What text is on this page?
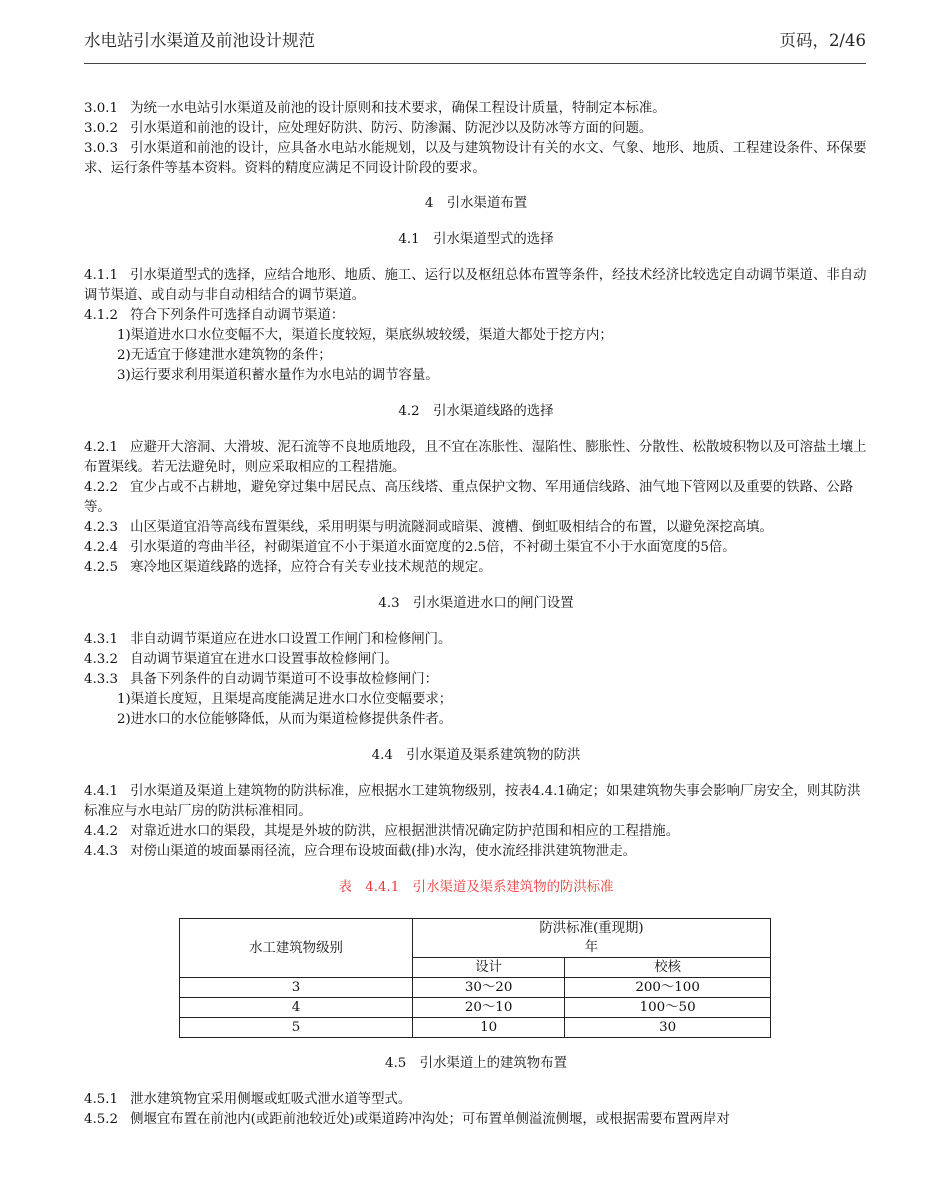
水电站引水渠道及前池设计规范	页码，2/46

3.0.1 为统一水电站引水渠道及前池的设计原则和技术要求，确保工程设计质量，特制定本标准。

3.0.2 引水渠道和前池的设计，应处理好防洪、防污、防渗漏、防泥沙以及防冰等方面的问题。

3.0.3 引水渠道和前池的设计，应具备水电站水能规划，以及与建筑物设计有关的水文、气象、地形、地质、工程建设条件、环保要求、运行条件等基本资料。资料的精度应满足不同设计阶段的要求。

4　引水渠道布置
4.1　引水渠道型式的选择

4.1.1 引水渠道型式的选择，应结合地形、地质、施工、运行以及枢纽总体布置等条件，经技术经济比较选定自动调节渠道、非自动调节渠道、或自动与非自动相结合的调节渠道。

4.1.2 符合下列条件可选择自动调节渠道：

1)渠道进水口水位变幅不大，渠道长度较短，渠底纵坡较缓，渠道大都处于挖方内；

2)无适宜于修建泄水建筑物的条件；

3)运行要求利用渠道积蓄水量作为水电站的调节容量。

4.2　引水渠道线路的选择

4.2.1 应避开大溶洞、大滑坡、泥石流等不良地质地段，且不宜在冻胀性、湿陷性、膨胀性、分散性、松散坡积物以及可溶盐土壤上布置渠线。若无法避免时，则应采取相应的工程措施。

4.2.2 宜少占或不占耕地，避免穿过集中居民点、高压线塔、重点保护文物、军用通信线路、油气地下管网以及重要的铁路、公路等。

4.2.3 山区渠道宜沿等高线布置渠线，采用明渠与明流隧洞或暗渠、渡槽、倒虹吸相结合的布置，以避免深挖高填。

4.2.4 引水渠道的弯曲半径，衬砌渠道宜不小于渠道水面宽度的2.5倍，不衬砌土渠宜不小于水面宽度的5倍。

4.2.5 寒冷地区渠道线路的选择，应符合有关专业技术规范的规定。

4.3　引水渠道进水口的闸门设置

4.3.1 非自动调节渠道应在进水口设置工作闸门和检修闸门。

4.3.2 自动调节渠道宜在进水口设置事故检修闸门。

4.3.3 具备下列条件的自动调节渠道可不设事故检修闸门：

1)渠道长度短，且渠堤高度能满足进水口水位变幅要求；

2)进水口的水位能够降低，从而为渠道检修提供条件者。

4.4　引水渠道及渠系建筑物的防洪

4.4.1 引水渠道及渠道上建筑物的防洪标准，应根据水工建筑物级别，按表4.4.1确定；如果建筑物失事会影响厂房安全，则其防洪标准应与水电站厂房的防洪标准相同。

4.4.2 对靠近进水口的渠段，其堤是外坡的防洪，应根据泄洪情况确定防护范围和相应的工程措施。

4.4.3 对傍山渠道的坡面暴雨径流，应合理布设坡面截(排)水沟，使水流经排洪建筑物泄走。

表　4.4.1　引水渠道及渠系建筑物的防洪标准
水工建筑物级别	防洪标准(重现期)
年	
	设计	校核
3	30～20	200～100
4	20～10	100～50
5	10	30
4.5　引水渠道上的建筑物布置

4.5.1 泄水建筑物宜采用侧堰或虹吸式泄水道等型式。

4.5.2 侧堰宜布置在前池内(或距前池较近处)或渠道跨冲沟处；可布置单侧溢流侧堰，或根据需要布置两岸对
